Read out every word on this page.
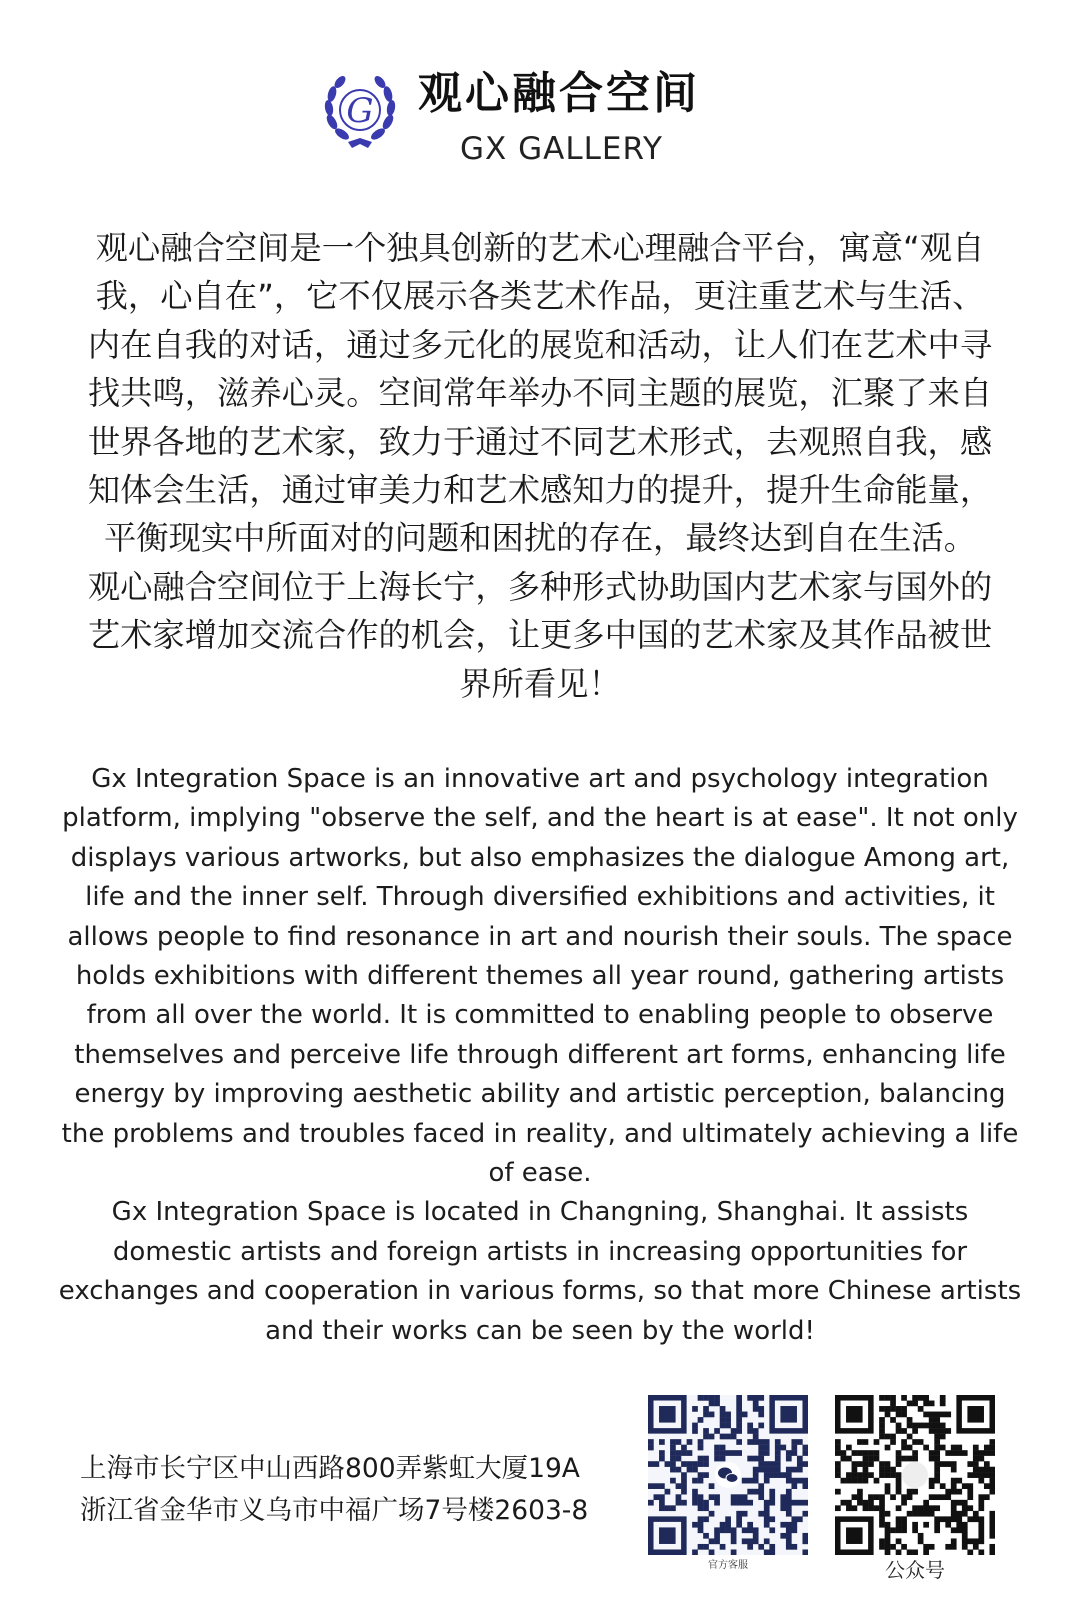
G 观心融合空间
GX GALLERY

观心融合空间是一个独具创新的艺术心理融合平台，寓意“观自
我，心自在”，它不仅展示各类艺术作品，更注重艺术与生活、
内在自我的对话，通过多元化的展览和活动，让人们在艺术中寻
找共鸣，滋养心灵。空间常年举办不同主题的展览，汇聚了来自
世界各地的艺术家，致力于通过不同艺术形式，去观照自我，感
知体会生活，通过审美力和艺术感知力的提升，提升生命能量，
平衡现实中所面对的问题和困扰的存在，最终达到自在生活。

观心融合空间位于上海长宁，多种形式协助国内艺术家与国外的
艺术家增加交流合作的机会，让更多中国的艺术家及其作品被世
界所看见！

Gx Integration Space is an innovative art and psychology integration
platform, implying "observe the self, and the heart is at ease". It not only
displays various artworks, but also emphasizes the dialogue Among art,
life and the inner self. Through diversified exhibitions and activities, it
allows people to find resonance in art and nourish their souls. The space
holds exhibitions with different themes all year round, gathering artists
from all over the world. It is committed to enabling people to observe
themselves and perceive life through different art forms, enhancing life
energy by improving aesthetic ability and artistic perception, balancing
the problems and troubles faced in reality, and ultimately achieving a life
of ease.

Gx Integration Space is located in Changning, Shanghai. It assists
domestic artists and foreign artists in increasing opportunities for
exchanges and cooperation in various forms, so that more Chinese artists
and their works can be seen by the world!

上海市长宁区中山西路800弄紫虹大厦19A
浙江省金华市义乌市中福广场7号楼2603-8
官方客服	公众号
